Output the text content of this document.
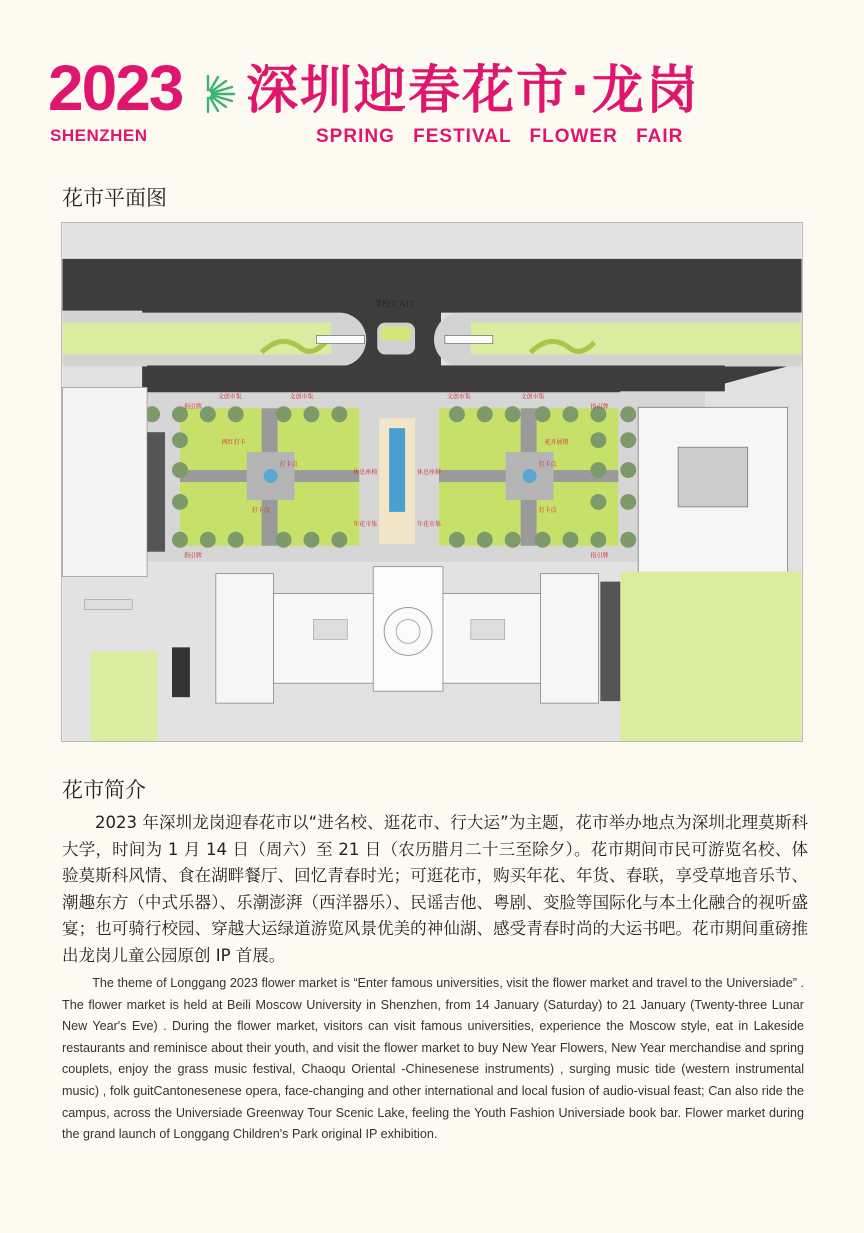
2023
SHENZHEN
深圳迎春花市·龙岗
SPRING FESTIVAL FLOWER FAIR
花市平面图
学校主入口
文创市集	文创市集	文创市集	文创市集
指引牌	指引牌
指引牌	指引牌
网红打卡	花卉展销
休息座椅	休息座椅
打卡点
打卡点
打卡点
打卡点
年花市集	年花市集
花市简介
2023 年深圳龙岗迎春花市以“进名校、逛花市、行大运”为主题，花市举办地点为深圳北理莫斯科大学，时间为 1 月 14 日（周六）至 21 日（农历腊月二十三至除夕）。花市期间市民可游览名校、体验莫斯科风情、食在湖畔餐厅、回忆青春时光；可逛花市，购买年花、年货、春联，享受草地音乐节、潮趣东方（中式乐器）、乐潮澎湃（西洋器乐）、民谣吉他、粤剧、变脸等国际化与本土化融合的视听盛宴；也可骑行校园、穿越大运绿道游览风景优美的神仙湖、感受青春时尚的大运书吧。花市期间重磅推出龙岗儿童公园原创 IP 首展。
The theme of Longgang 2023 flower market is “Enter famous universities, visit the flower market and travel to the Universiade” . The flower market is held at Beili Moscow University in Shenzhen, from 14 January (Saturday) to 21 January (Twenty-three Lunar New Year's Eve) . During the flower market, visitors can visit famous universities, experience the Moscow style, eat in Lakeside restaurants and reminisce about their youth, and visit the flower market to buy New Year Flowers, New Year merchandise and spring couplets, enjoy the grass music festival, Chaoqu Oriental -Chinesenese instruments) , surging music tide (western instrumental music) , folk guitCantonesenese opera, face-changing and other international and local fusion of audio-visual feast; Can also ride the campus, across the Universiade Greenway Tour Scenic Lake, feeling the Youth Fashion Universiade book bar. Flower market during the grand launch of Longgang Children's Park original IP exhibition.
